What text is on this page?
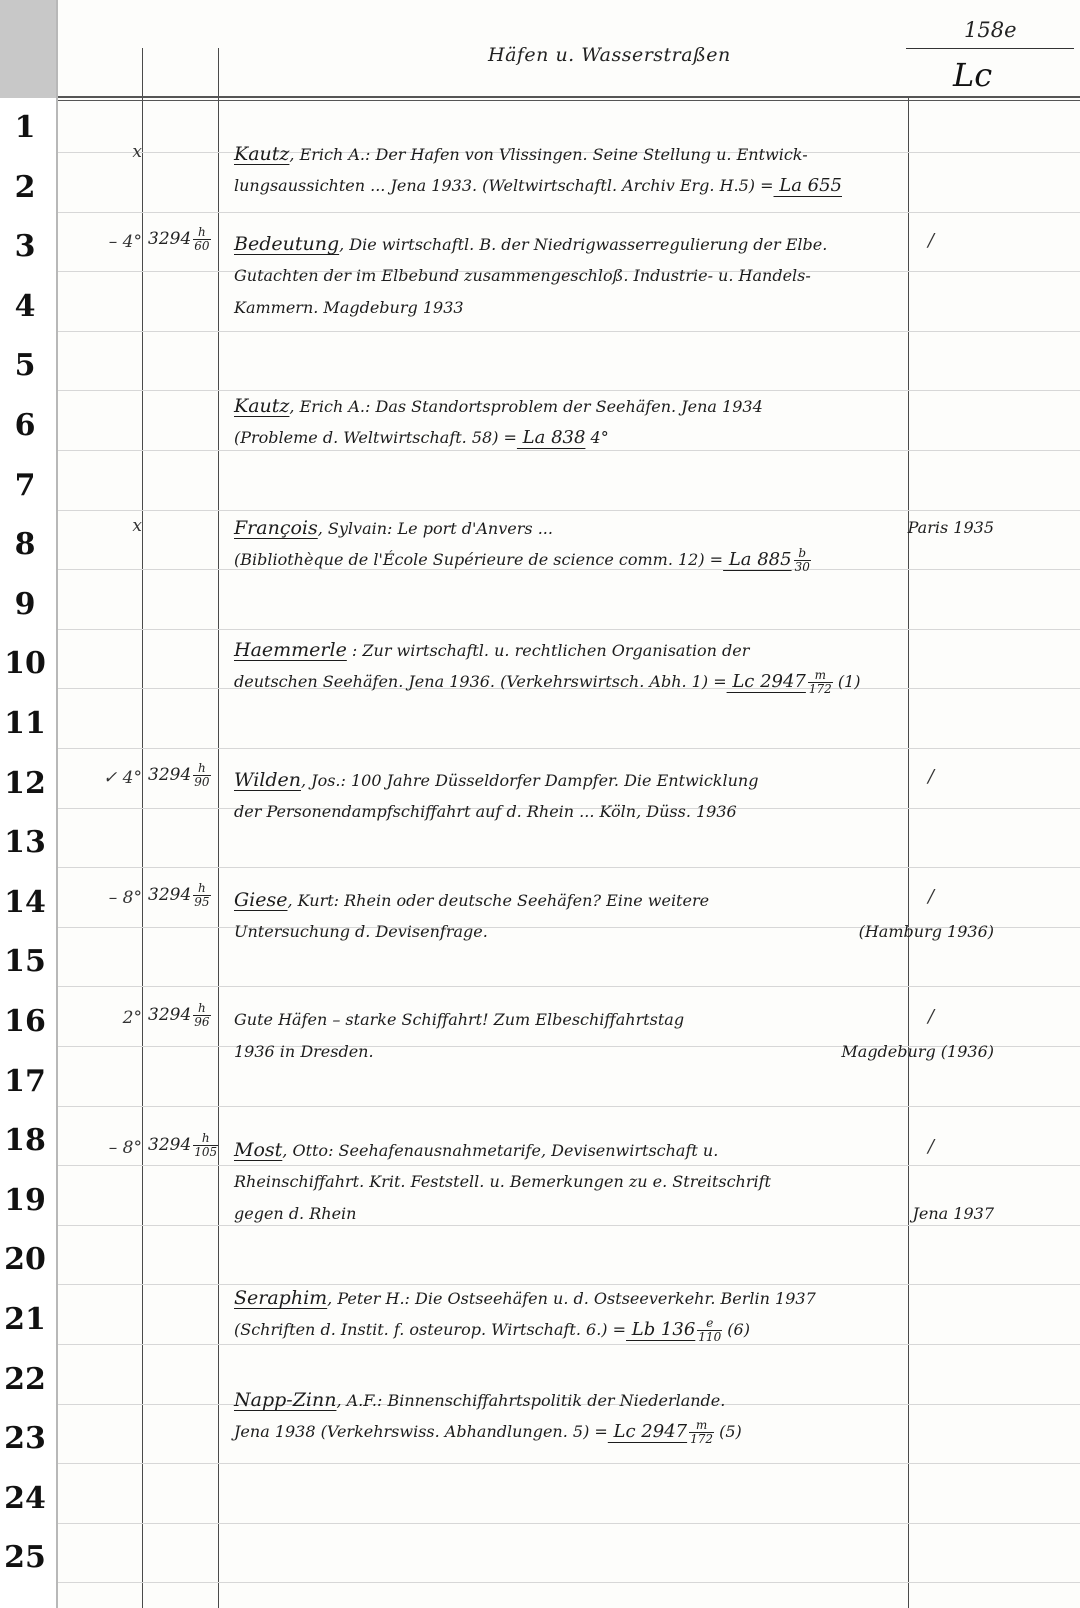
1
2
3
4
5
6
7
8
9
10
11
12
13
14
15
16
17
18
19
20
21
22
23
24
25
Häfen u. Wasserstraßen
158e
Lc
x	Kautz, Erich A.: Der Hafen von Vlissingen. Seine Stellung u. Entwick-
lungsaussichten ... Jena 1933. (Weltwirtschaftl. Archiv Erg. H.5) = La 655
– 4° $3294 \frac{h}{60}$	/
Bedeutung, Die wirtschaftl. B. der Niedrigwasserregulierung der Elbe.
Gutachten der im Elbebund zusammengeschloß. Industrie- u. Handels-
Kammern. Magdeburg 1933
Kautz, Erich A.: Das Standortsproblem der Seehäfen. Jena 1934
(Probleme d. Weltwirtschaft. 58) = La 838 4°
x	François, Sylvain: Le port d'Anvers ...	Paris 1935
(Bibliothèque de l'École Supérieure de science comm. 12) = La $885 \frac{b}{30}$
Haemmerle : Zur wirtschaftl. u. rechtlichen Organisation der
deutschen Seehäfen. Jena 1936. (Verkehrswirtsch. Abh. 1) = Lc $2947 \frac{m}{172} (1)$
✓ 4° $3294 \frac{h}{90}$	/
Wilden, Jos.: 100 Jahre Düsseldorfer Dampfer. Die Entwicklung
der Personendampfschiffahrt auf d. Rhein ... Köln, Düss. 1936
– 8° $3294 \frac{h}{95}$	/
Giese, Kurt: Rhein oder deutsche Seehäfen? Eine weitere
Untersuchung d. Devisenfrage.	(Hamburg 1936)
2° $3294 \frac{h}{96}$	/
Gute Häfen – starke Schiffahrt! Zum Elbeschiffahrtstag
1936 in Dresden.	Magdeburg (1936)
– 8° $3294 \frac{h}{105}$	/
Most, Otto: Seehafenausnahmetarife, Devisenwirtschaft u.
Rheinschiffahrt. Krit. Feststell. u. Bemerkungen zu e. Streitschrift
gegen d. Rhein	Jena 1937
Seraphim, Peter H.: Die Ostseehäfen u. d. Ostseeverkehr. Berlin 1937
(Schriften d. Instit. f. osteurop. Wirtschaft. 6.) = Lb $136 \frac{e}{110} (6)$
Napp-Zinn, A.F.: Binnenschiffahrtspolitik der Niederlande.
Jena 1938 (Verkehrswiss. Abhandlungen. 5) = Lc $2947 \frac{m}{172} (5)$
